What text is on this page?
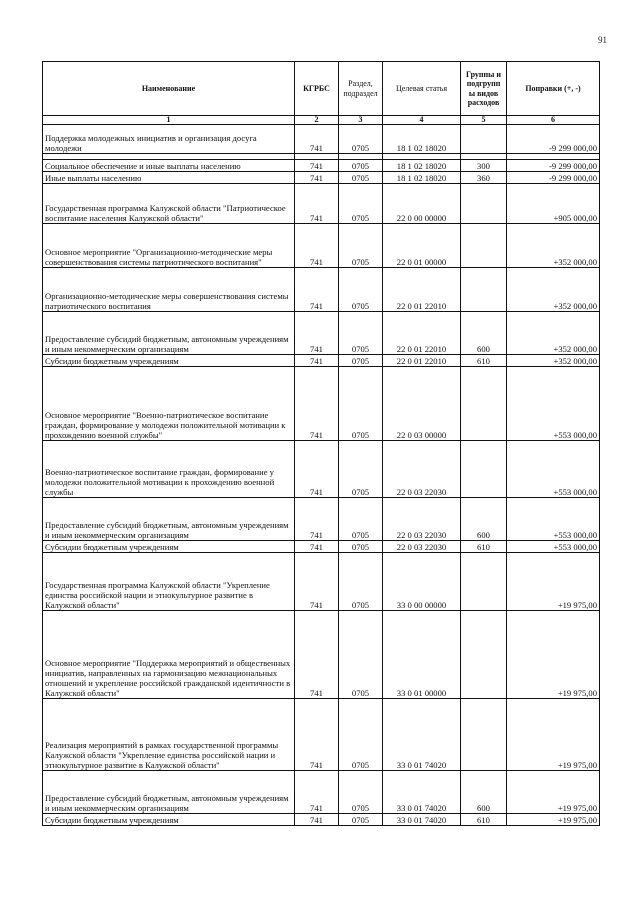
91
Наименование	КГРБС	Раздел, подраздел	Целевая статья	Группы и подгрупп ы видов расходов	Поправки (+, -)
1	2	3	4	5	6
Поддержка молодежных инициатив и организация досуга молодежи	741	0705	18 1 02 18020		-9 299 000,00

Социальное обеспечение и иные выплаты населению	741	0705	18 1 02 18020	300	-9 299 000,00
Иные выплаты населению	741	0705	18 1 02 18020	360	-9 299 000,00
Государственная программа Калужской области "Патриотическое воспитание населения Калужской области"	741	0705	22 0 00 00000		+905 000,00
Основное мероприятие "Организационно-методические меры совершенствования системы патриотического воспитания"	741	0705	22 0 01 00000		+352 000,00
Организационно-методические меры совершенствования системы патриотического воспитания	741	0705	22 0 01 22010		+352 000,00
Предоставление субсидий бюджетным, автономным учреждениям и иным некоммерческим организациям	741	0705	22 0 01 22010	600	+352 000,00
Субсидии бюджетным учреждениям	741	0705	22 0 01 22010	610	+352 000,00
Основное мероприятие "Военно-патриотическое воспитание граждан, формирование у молодежи положительной мотивации к прохождению военной службы"	741	0705	22 0 03 00000		+553 000,00
Военно-патриотическое воспитание граждан, формирование у молодежи положительной мотивации к прохождению военной службы	741	0705	22 0 03 22030		+553 000,00
Предоставление субсидий бюджетным, автономным учреждениям и иным некоммерческим организациям	741	0705	22 0 03 22030	600	+553 000,00
Субсидии бюджетным учреждениям	741	0705	22 0 03 22030	610	+553 000,00
Государственная программа Калужской области "Укрепление единства российской нации и этнокультурное развитие в Калужской области"	741	0705	33 0 00 00000		+19 975,00
Основное мероприятие "Поддержка мероприятий и общественных инициатив, направленных на гармонизацию межнациональных отношений и укрепление российской гражданской идентичности в Калужской области"	741	0705	33 0 01 00000		+19 975,00
Реализация мероприятий в рамках государственной программы Калужской области "Укрепление единства российской нации и этнокультурное развитие в Калужской области"	741	0705	33 0 01 74020		+19 975,00
Предоставление субсидий бюджетным, автономным учреждениям и иным некоммерческим организациям	741	0705	33 0 01 74020	600	+19 975,00
Субсидии бюджетным учреждениям	741	0705	33 0 01 74020	610	+19 975,00
